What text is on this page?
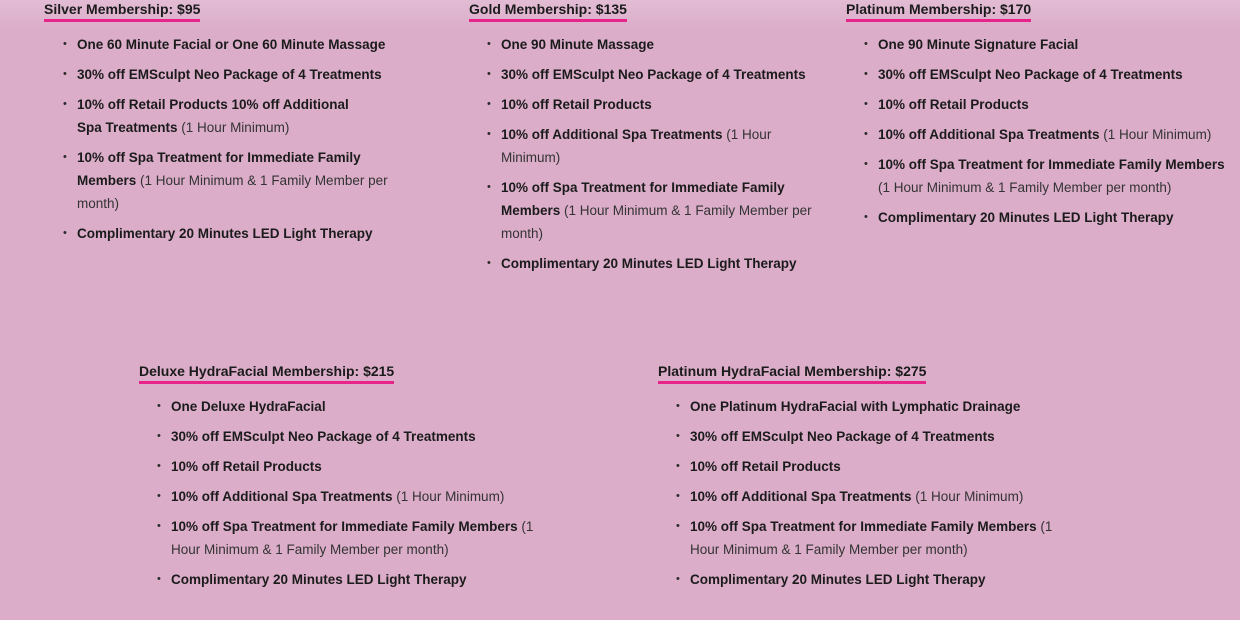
Silver Membership: $95
• One 60 Minute Facial or One 60 Minute Massage
• 30% off EMSculpt Neo Package of 4 Treatments
• 10% off Retail Products 10% off Additional Spa Treatments (1 Hour Minimum)
• 10% off Spa Treatment for Immediate Family Members (1 Hour Minimum & 1 Family Member per month)
• Complimentary 20 Minutes LED Light Therapy
Gold Membership: $135
• One 90 Minute Massage
• 30% off EMSculpt Neo Package of 4 Treatments
• 10% off Retail Products
• 10% off Additional Spa Treatments (1 Hour Minimum)
• 10% off Spa Treatment for Immediate Family Members (1 Hour Minimum & 1 Family Member per month)
• Complimentary 20 Minutes LED Light Therapy
Platinum Membership: $170
• One 90 Minute Signature Facial
• 30% off EMSculpt Neo Package of 4 Treatments
• 10% off Retail Products
• 10% off Additional Spa Treatments (1 Hour Minimum)
• 10% off Spa Treatment for Immediate Family Members (1 Hour Minimum & 1 Family Member per month)
• Complimentary 20 Minutes LED Light Therapy
Deluxe HydraFacial Membership: $215
• One Deluxe HydraFacial
• 30% off EMSculpt Neo Package of 4 Treatments
• 10% off Retail Products
• 10% off Additional Spa Treatments (1 Hour Minimum)
• 10% off Spa Treatment for Immediate Family Members (1 Hour Minimum & 1 Family Member per month)
• Complimentary 20 Minutes LED Light Therapy
Platinum HydraFacial Membership: $275
• One Platinum HydraFacial with Lymphatic Drainage
• 30% off EMSculpt Neo Package of 4 Treatments
• 10% off Retail Products
• 10% off Additional Spa Treatments (1 Hour Minimum)
• 10% off Spa Treatment for Immediate Family Members (1 Hour Minimum & 1 Family Member per month)
• Complimentary 20 Minutes LED Light Therapy
